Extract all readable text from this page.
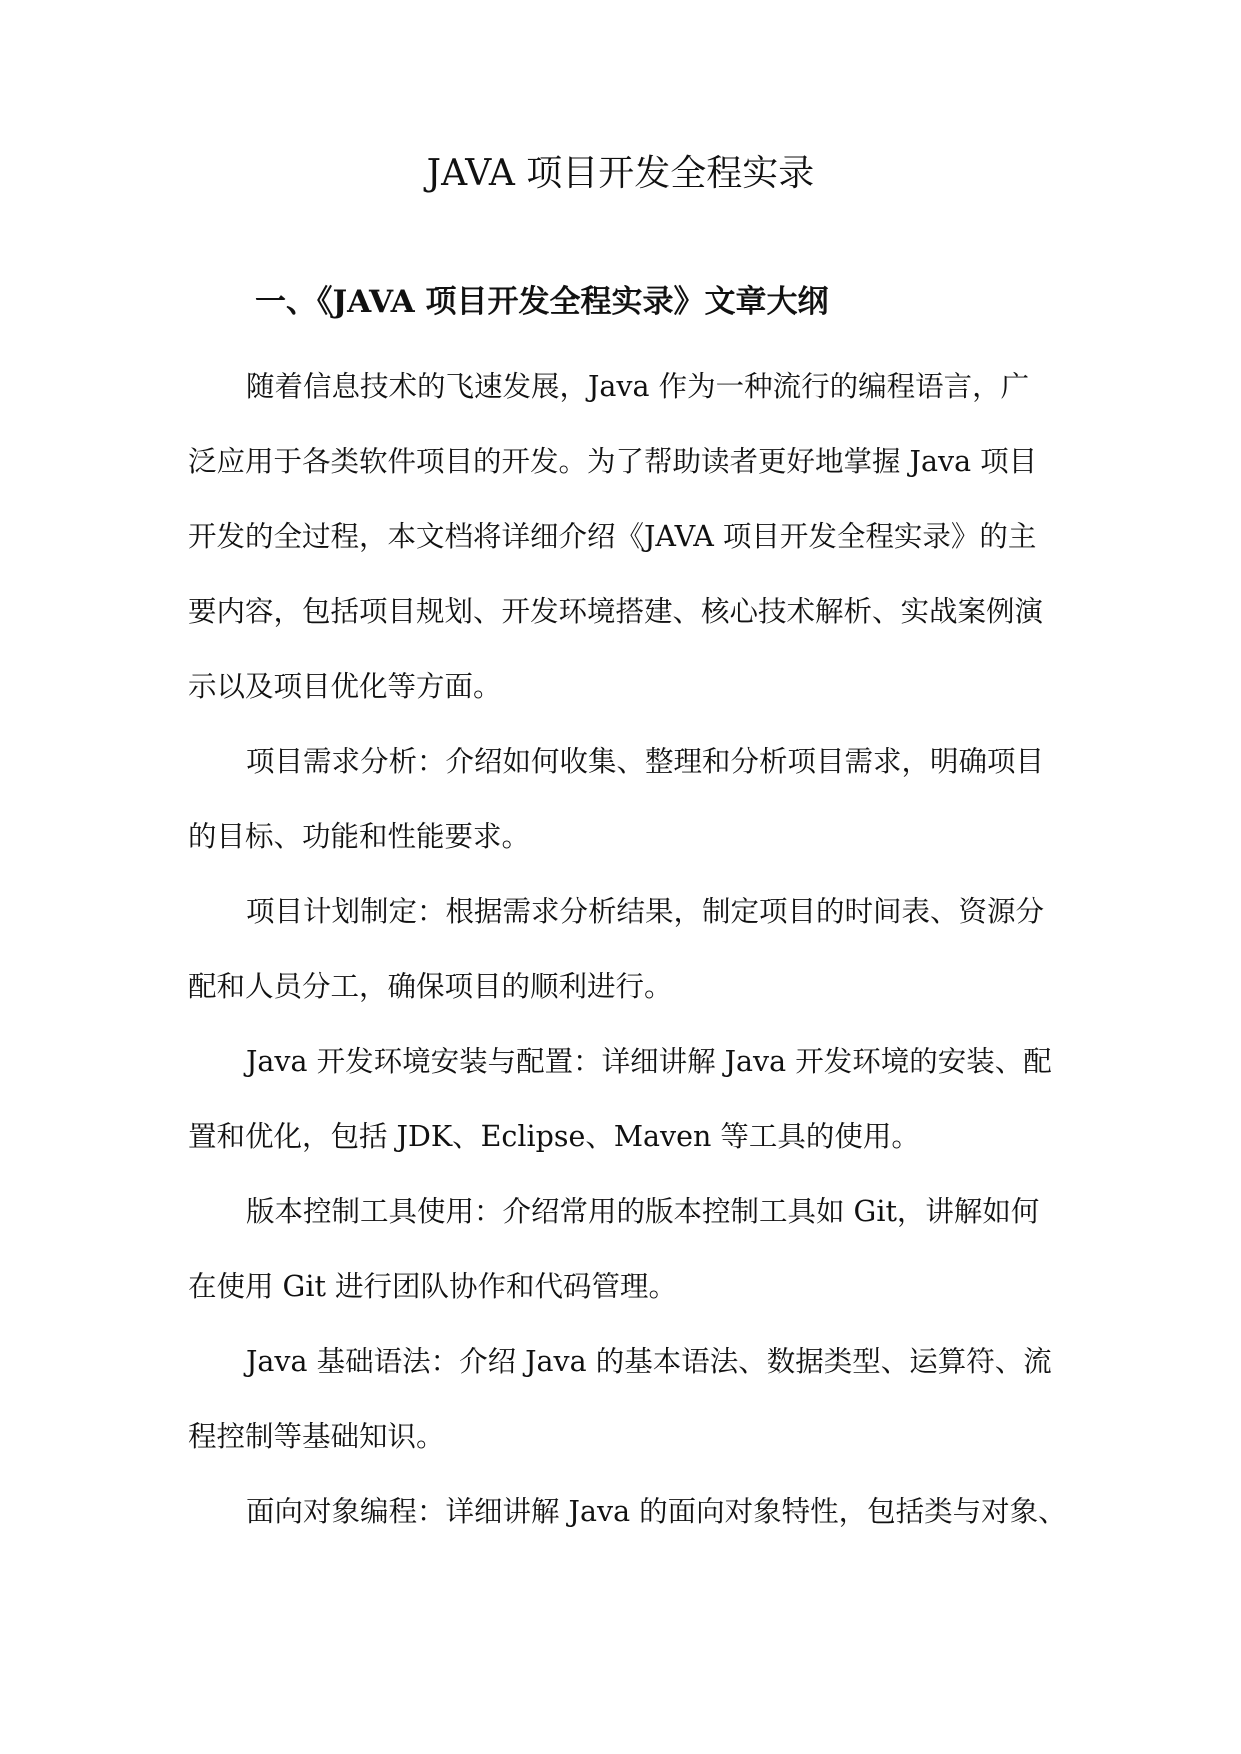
JAVA 项目开发全程实录
一、《JAVA 项目开发全程实录》文章大纲

随着信息技术的飞速发展，Java 作为一种流行的编程语言，广

泛应用于各类软件项目的开发。为了帮助读者更好地掌握 Java 项目

开发的全过程，本文档将详细介绍《JAVA 项目开发全程实录》的主

要内容，包括项目规划、开发环境搭建、核心技术解析、实战案例演

示以及项目优化等方面。

项目需求分析：介绍如何收集、整理和分析项目需求，明确项目

的目标、功能和性能要求。

项目计划制定：根据需求分析结果，制定项目的时间表、资源分

配和人员分工，确保项目的顺利进行。

Java 开发环境安装与配置：详细讲解 Java 开发环境的安装、配

置和优化，包括 JDK、Eclipse、Maven 等工具的使用。

版本控制工具使用：介绍常用的版本控制工具如 Git，讲解如何

在使用 Git 进行团队协作和代码管理。

Java 基础语法：介绍 Java 的基本语法、数据类型、运算符、流

程控制等基础知识。

面向对象编程：详细讲解 Java 的面向对象特性，包括类与对象、
